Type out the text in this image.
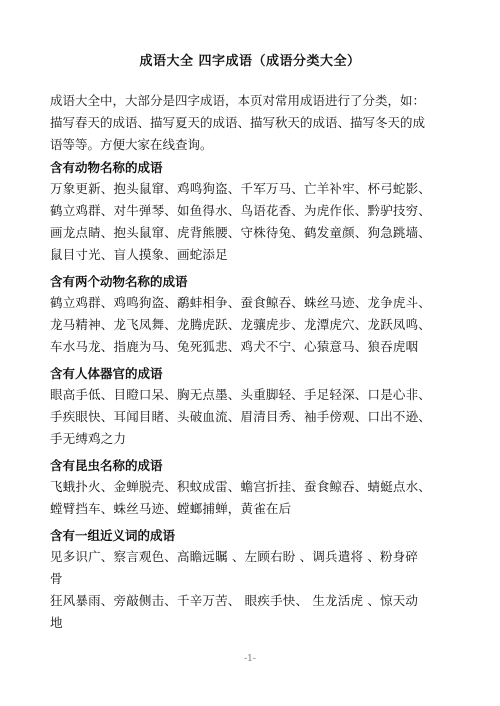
成语大全 四字成语（成语分类大全）

成语大全中，大部分是四字成语，本页对常用成语进行了分类，如：

描写春天的成语、描写夏天的成语、描写秋天的成语、描写冬天的成

语等等。方便大家在线查询。

含有动物名称的成语

万象更新、抱头鼠窜、鸡鸣狗盗、千军万马、亡羊补牢、杯弓蛇影、

鹤立鸡群、对牛弹琴、如鱼得水、鸟语花香、为虎作伥、黔驴技穷、

画龙点睛、抱头鼠窜、虎背熊腰、守株待兔、鹤发童颜、狗急跳墙、

鼠目寸光、盲人摸象、画蛇添足

含有两个动物名称的成语

鹤立鸡群、鸡鸣狗盗、鹬蚌相争、蚕食鲸吞、蛛丝马迹、龙争虎斗、

龙马精神、龙飞凤舞、龙腾虎跃、龙骧虎步、龙潭虎穴、龙跃凤鸣、

车水马龙、指鹿为马、兔死狐悲、鸡犬不宁、心猿意马、狼吞虎咽

含有人体器官的成语

眼高手低、目瞪口呆、胸无点墨、头重脚轻、手足轻深、口是心非、

手疾眼快、耳闻目睹、头破血流、眉清目秀、袖手傍观、口出不逊、

手无缚鸡之力

含有昆虫名称的成语

飞蛾扑火、金蝉脱壳、积蚊成雷、蟾宫折挂、蚕食鲸吞、蜻蜓点水、

螳臂挡车、蛛丝马迹、螳螂捕蝉，黄雀在后

含有一组近义词的成语

见多识广、察言观色、高瞻远瞩 、左顾右盼 、调兵遣将 、粉身碎

骨

狂风暴雨、旁敲侧击、千辛万苦、 眼疾手快、 生龙活虎 、惊天动

地

-1-
